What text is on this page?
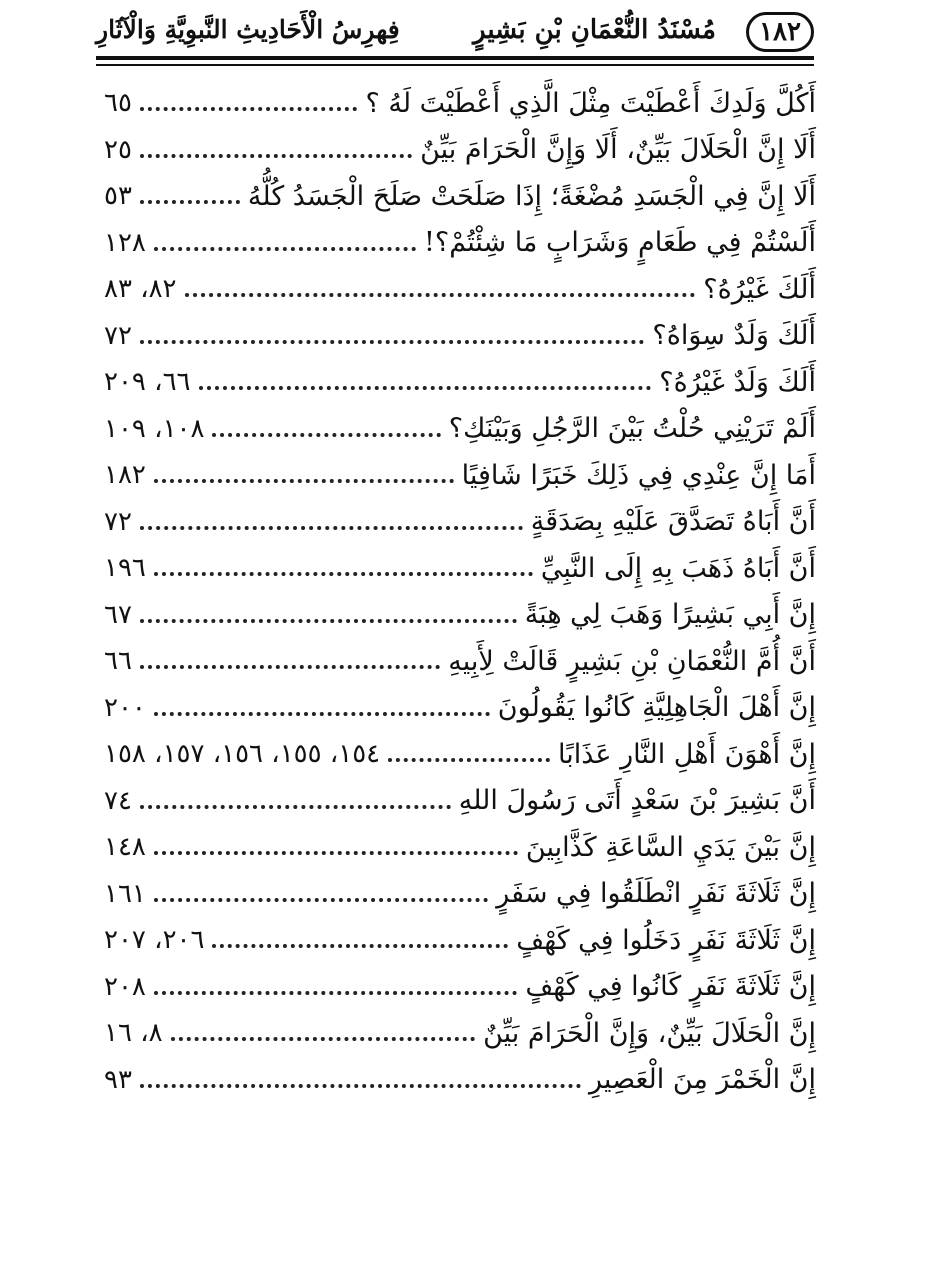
١٨٢
مُسْنَدُ النُّعْمَانِ بْنِ بَشِيرٍ
فِهرِسُ الْأَحَادِيثِ النَّبوِيَّةِ وَالْآثَارِ
أَكُلَّ وَلَدِكَ أَعْطَيْتَ مِثْلَ الَّذِي أَعْطَيْتَ لَهُ ؟
٦٥
أَلَا إِنَّ الْحَلَالَ بَيِّنٌ، أَلَا وَإِنَّ الْحَرَامَ بَيِّنٌ
٢٥
أَلَا إِنَّ فِي الْجَسَدِ مُضْغَةً؛ إِذَا صَلَحَتْ صَلَحَ الْجَسَدُ كُلُّهُ
٥٣
أَلَسْتُمْ فِي طَعَامٍ وَشَرَابٍ مَا شِئْتُمْ؟!
١٢٨
أَلَكَ غَيْرُهُ؟
٨٢، ٨٣
أَلَكَ وَلَدٌ سِوَاهُ؟
٧٢
أَلَكَ وَلَدٌ غَيْرُهُ؟
٦٦، ٢٠٩
أَلَمْ تَرَيْنِي حُلْتُ بَيْنَ الرَّجُلِ وَبَيْنَكِ؟
١٠٨، ١٠٩
أَمَا إِنَّ عِنْدِي فِي ذَلِكَ خَبَرًا شَافِيًا
١٨٢
أَنَّ أَبَاهُ تَصَدَّقَ عَلَيْهِ بِصَدَقَةٍ
٧٢
أَنَّ أَبَاهُ ذَهَبَ بِهِ إِلَى النَّبِيِّ
١٩٦
إِنَّ أَبِي بَشِيرًا وَهَبَ لِي هِبَةً
٦٧
أَنَّ أُمَّ النُّعْمَانِ بْنِ بَشِيرٍ قَالَتْ لِأَبِيهِ
٦٦
إِنَّ أَهْلَ الْجَاهِلِيَّةِ كَانُوا يَقُولُونَ
٢٠٠
إِنَّ أَهْوَنَ أَهْلِ النَّارِ عَذَابًا
١٥٤، ١٥٥، ١٥٦، ١٥٧، ١٥٨
أَنَّ بَشِيرَ بْنَ سَعْدٍ أَتَى رَسُولَ اللهِ
٧٤
إِنَّ بَيْنَ يَدَيِ السَّاعَةِ كَذَّابِينَ
١٤٨
إِنَّ ثَلَاثَةَ نَفَرٍ انْطَلَقُوا فِي سَفَرٍ
١٦١
إِنَّ ثَلَاثَةَ نَفَرٍ دَخَلُوا فِي كَهْفٍ
٢٠٦، ٢٠٧
إِنَّ ثَلَاثَةَ نَفَرٍ كَانُوا فِي كَهْفٍ
٢٠٨
إِنَّ الْحَلَالَ بَيِّنٌ، وَإِنَّ الْحَرَامَ بَيِّنٌ
٨، ١٦
إِنَّ الْخَمْرَ مِنَ الْعَصِيرِ
٩٣
